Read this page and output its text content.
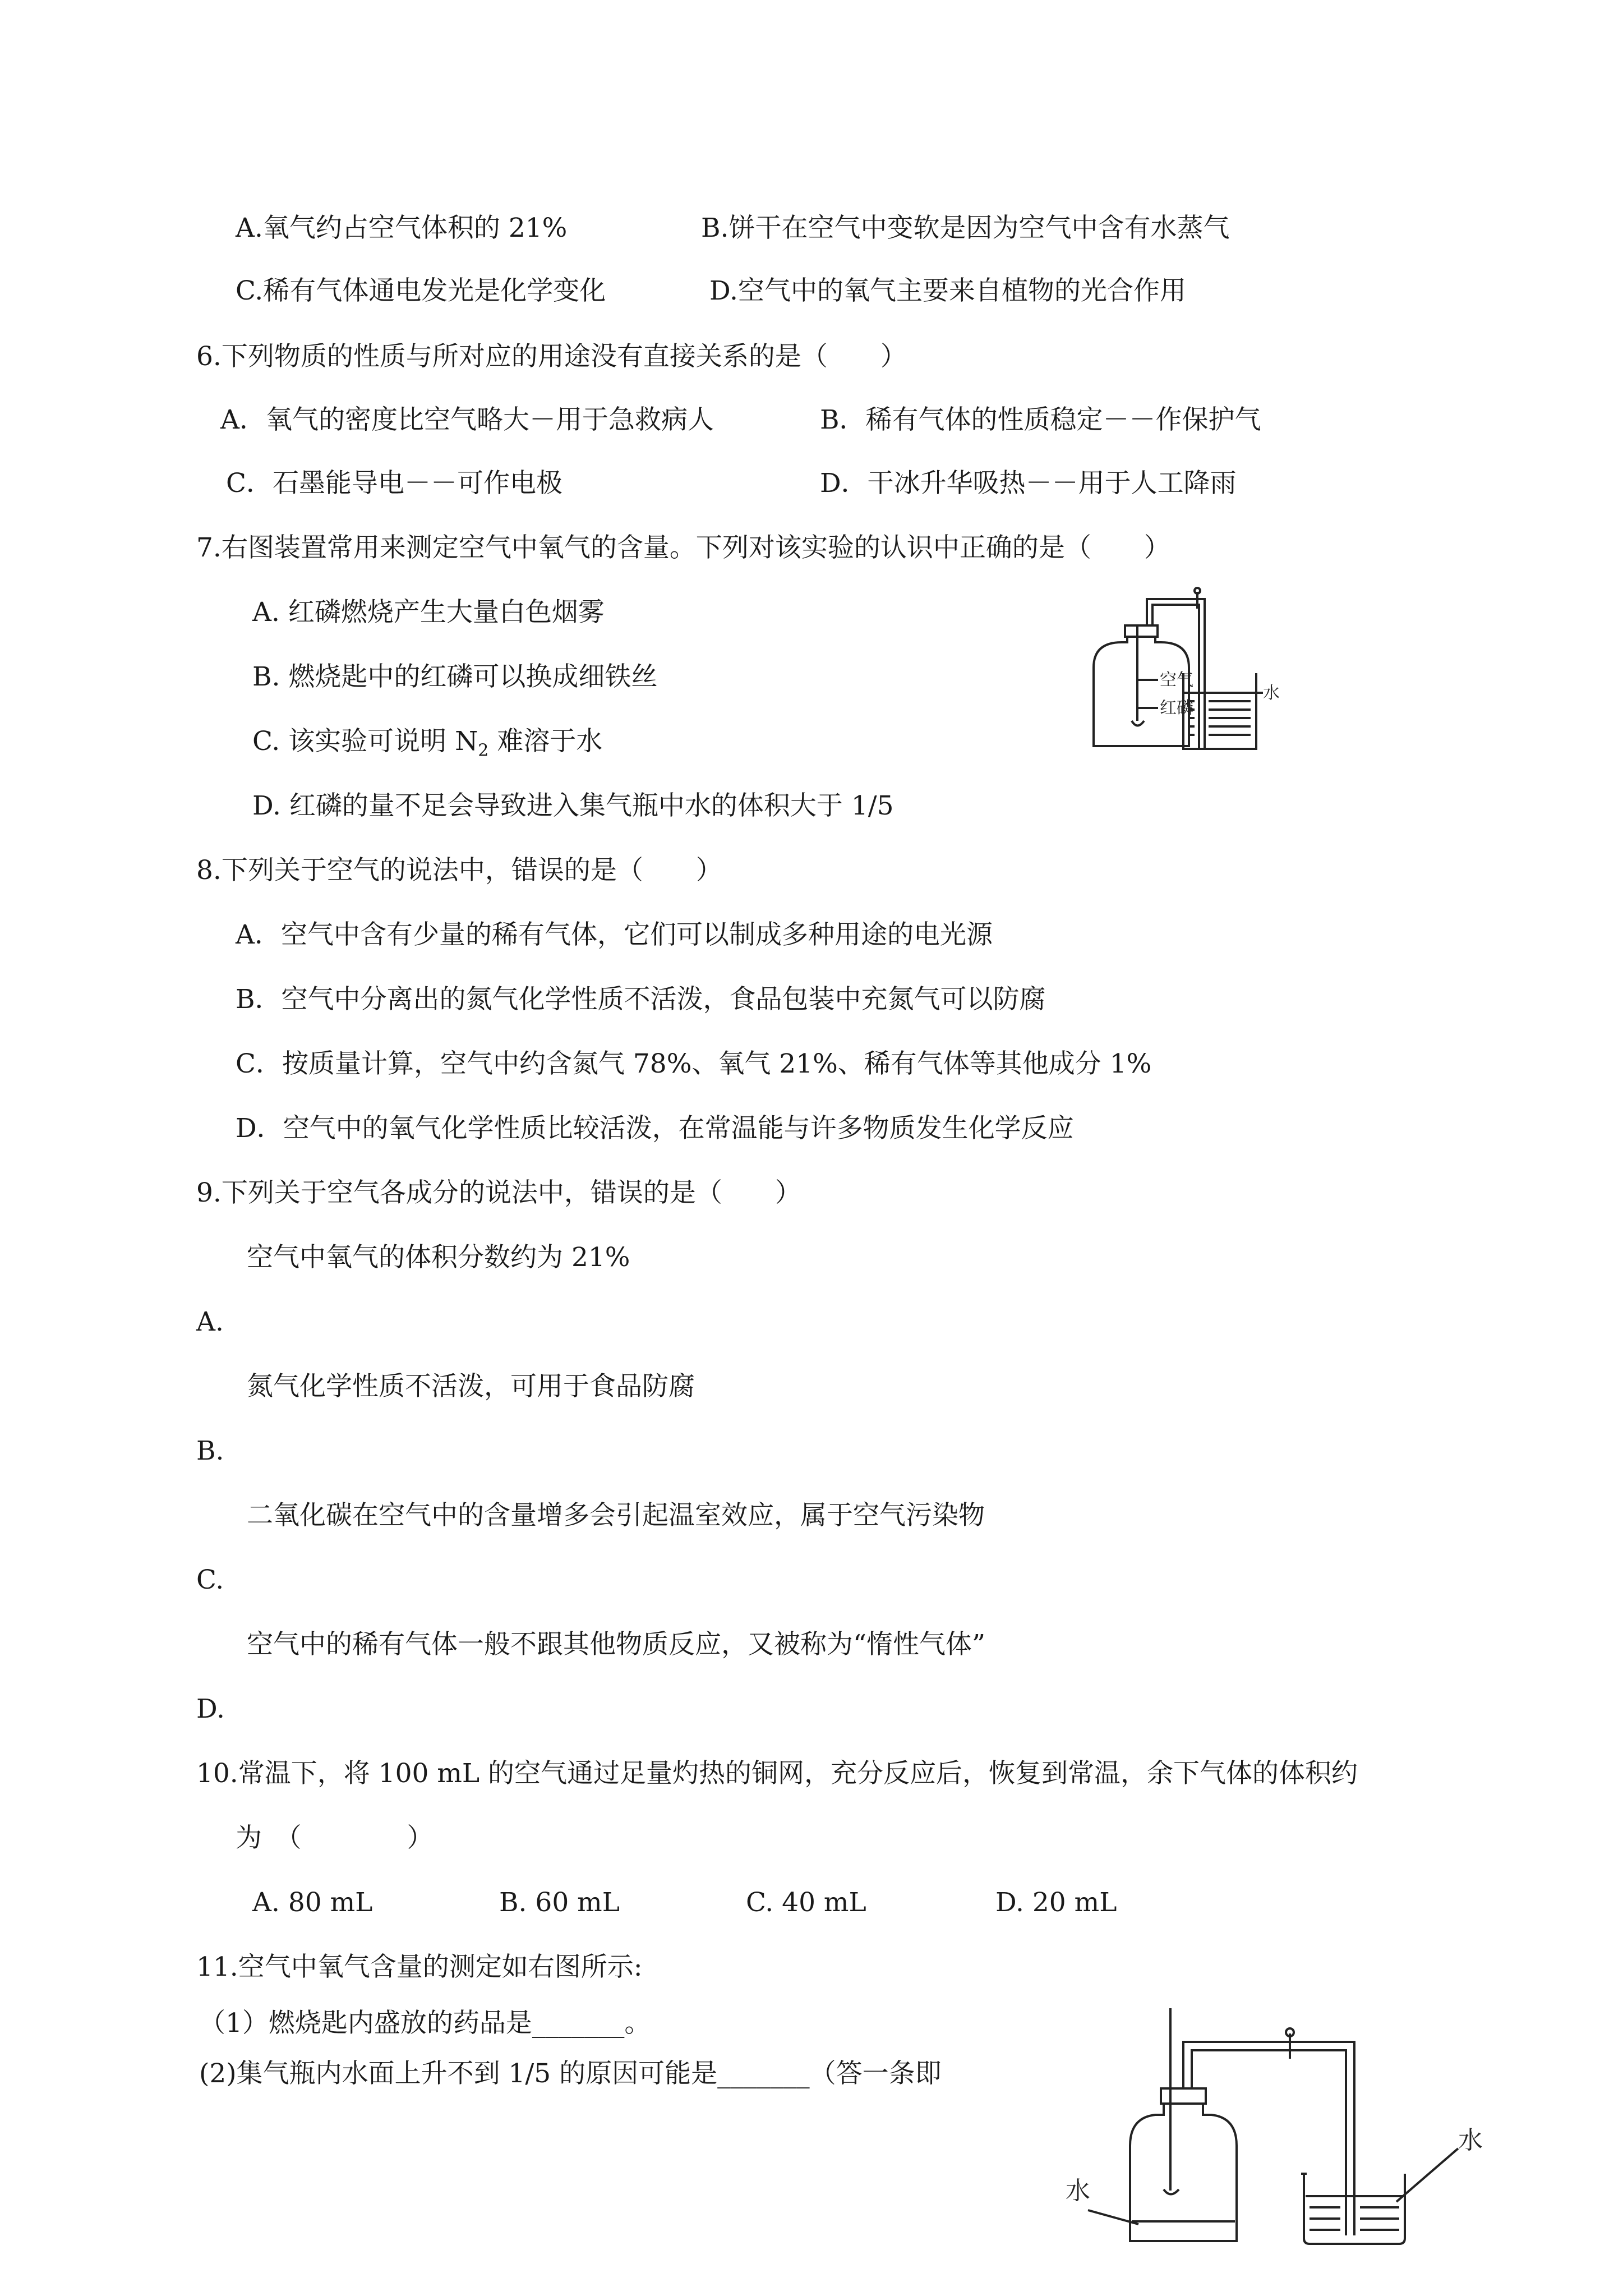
A.氧气约占空气体积的 21%	B.饼干在空气中变软是因为空气中含有水蒸气
C.稀有气体通电发光是化学变化	D.空气中的氧气主要来自植物的光合作用
6.下列物质的性质与所对应的用途没有直接关系的是（　　）
A．氧气的密度比空气略大－用于急救病人	B．稀有气体的性质稳定－－作保护气
C．石墨能导电－－可作电极	D．干冰升华吸热－－用于人工降雨
7.右图装置常用来测定空气中氧气的含量。下列对该实验的认识中正确的是（　　）
A. 红磷燃烧产生大量白色烟雾
B. 燃烧匙中的红磷可以换成细铁丝
C. 该实验可说明 $N_2$ 难溶于水
D. 红磷的量不足会导致进入集气瓶中水的体积大于 1/5
空气
红磷
水
8.下列关于空气的说法中，错误的是（　　）
A．空气中含有少量的稀有气体，它们可以制成多种用途的电光源
B．空气中分离出的氮气化学性质不活泼，食品包装中充氮气可以防腐
C．按质量计算，空气中约含氮气 78%、氧气 21%、稀有气体等其他成分 1%
D．空气中的氧气化学性质比较活泼，在常温能与许多物质发生化学反应
9.下列关于空气各成分的说法中，错误的是（　　）
空气中氧气的体积分数约为 21%
A.
氮气化学性质不活泼，可用于食品防腐
B.
二氧化碳在空气中的含量增多会引起温室效应，属于空气污染物
C.
空气中的稀有气体一般不跟其他物质反应，又被称为“惰性气体”
D.
10.常温下，将 100 mL 的空气通过足量灼热的铜网，充分反应后，恢复到常温，余下气体的体积约
为　（　　　　）
A. 80 mL	B. 60 mL	C. 40 mL	D. 20 mL
11.空气中氧气含量的测定如右图所示:
（1）燃烧匙内盛放的药品是_______。
(2)集气瓶内水面上升不到 1/5 的原因可能是_______（答一条即
水
水
